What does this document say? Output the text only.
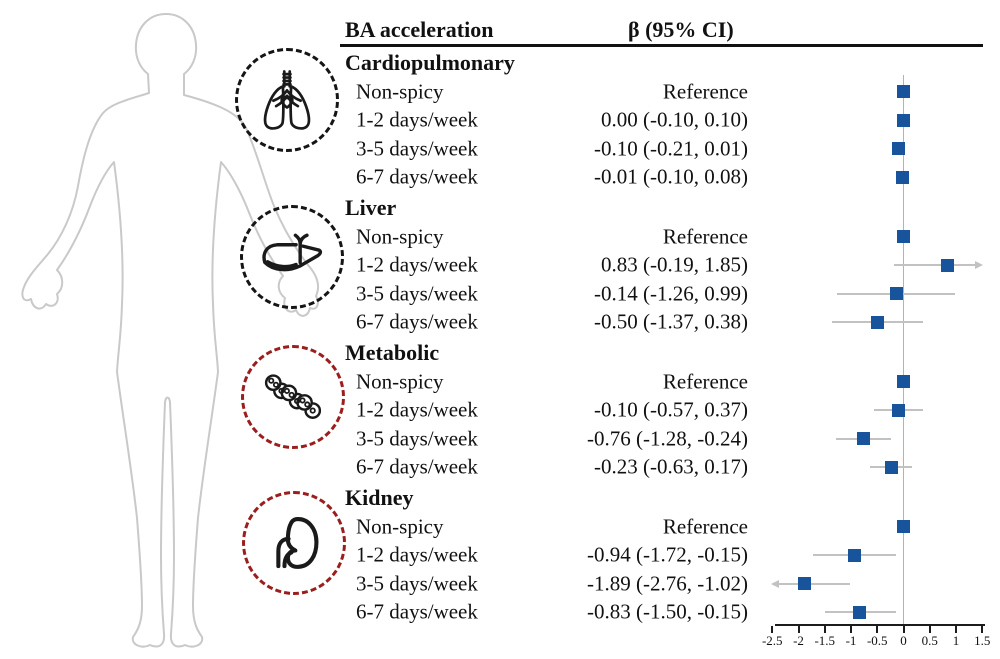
BA acceleration	β (95% CI)
Cardiopulmonary
Non-spicy	Reference
1-2 days/week	0.00 (-0.10, 0.10)
3-5 days/week	-0.10 (-0.21, 0.01)
6-7 days/week	-0.01 (-0.10, 0.08)
Liver
Non-spicy	Reference
1-2 days/week	0.83 (-0.19, 1.85)
3-5 days/week	-0.14 (-1.26, 0.99)
6-7 days/week	-0.50 (-1.37, 0.38)
Metabolic
Non-spicy	Reference
1-2 days/week	-0.10 (-0.57, 0.37)
3-5 days/week	-0.76 (-1.28, -0.24)
6-7 days/week	-0.23 (-0.63, 0.17)
Kidney
Non-spicy	Reference
1-2 days/week	-0.94 (-1.72, -0.15)
3-5 days/week	-1.89 (-2.76, -1.02)
6-7 days/week	-0.83 (-1.50, -0.15)
-2.5 -2 -1.5 -1 -0.5 0	0.5	1	1.5
